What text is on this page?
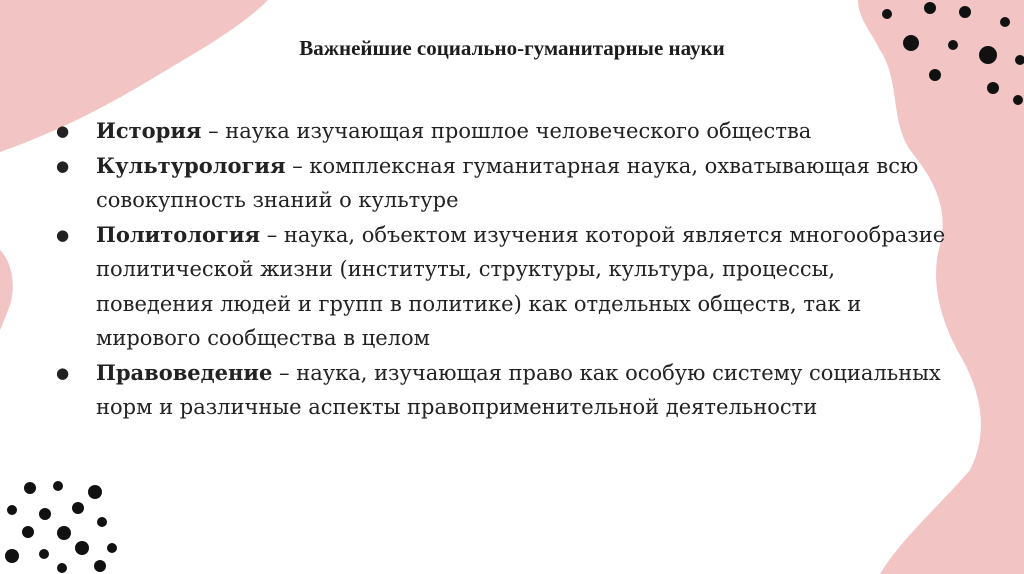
Важнейшие социально-гуманитарные науки
● История – наука изучающая прошлое человеческого общества
● Культурология – комплексная гуманитарная наука, охватывающая всю совокупность знаний о культуре
● Политология – наука, объектом изучения которой является многообразие политической жизни (институты, структуры, культура, процессы, поведения людей и групп в политике) как отдельных обществ, так и мирового сообщества в целом
● Правоведение – наука, изучающая право как особую систему социальных норм и различные аспекты правоприменительной деятельности
